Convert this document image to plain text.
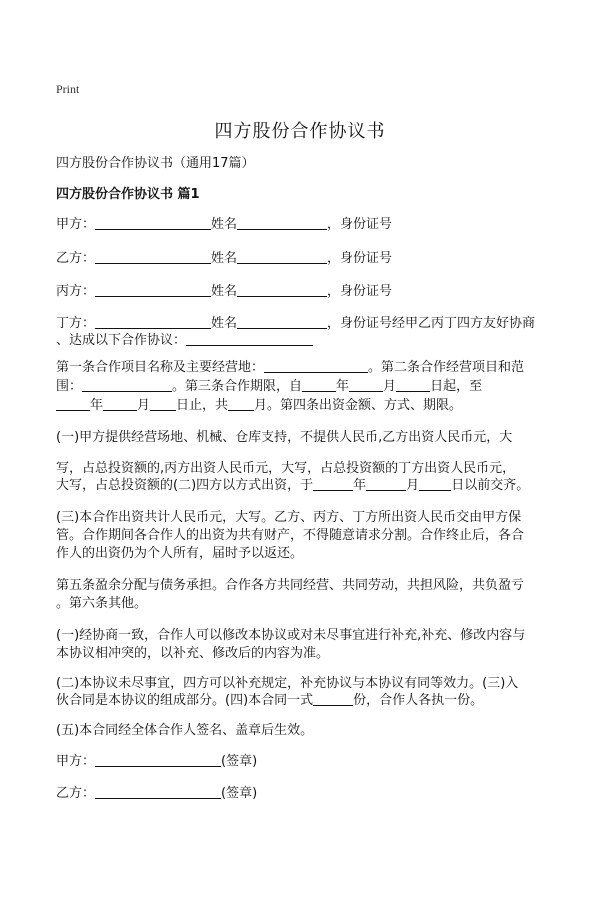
Print
四方股份合作协议书

四方股份合作协议书（通用17篇）

四方股份合作协议书 篇1

甲方：	姓名	，身份证号

乙方：	姓名	，身份证号

丙方：	姓名	，身份证号

丁方：	姓名	，身份证号经甲乙丙丁四方友好协商

、达成以下合作协议：

第一条合作项目名称及主要经营地：	。第二条合作经营项目和范

围：	。第三条合作期限，自	年	月	日起，至

年	月 日止，共 月。第四条出资金额、方式、期限。

(一)甲方提供经营场地、机械、仓库支持，不提供人民币,乙方出资人民币元，大

写，占总投资额的,丙方出资人民币元，大写，占总投资额的丁方出资人民币元，

大写，占总投资额的(二)四方以方式出资，于	年	月 日以前交齐。

(三)本合作出资共计人民币元，大写。乙方、丙方、丁方所出资人民币交由甲方保

管。合作期间各合作人的出资为共有财产，不得随意请求分割。合作终止后，各合

作人的出资仍为个人所有，届时予以返还。

第五条盈余分配与债务承担。合作各方共同经营、共同劳动，共担风险，共负盈亏

。第六条其他。

(一)经协商一致，合作人可以修改本协议或对未尽事宜进行补充,补充、修改内容与

本协议相冲突的，以补充、修改后的内容为准。

(二)本协议未尽事宜，四方可以补充规定，补充协议与本协议有同等效力。(三)入

伙合同是本协议的组成部分。(四)本合同一式	份，合作人各执一份。

(五)本合同经全体合作人签名、盖章后生效。

甲方：	(签章)

乙方：	(签章)
